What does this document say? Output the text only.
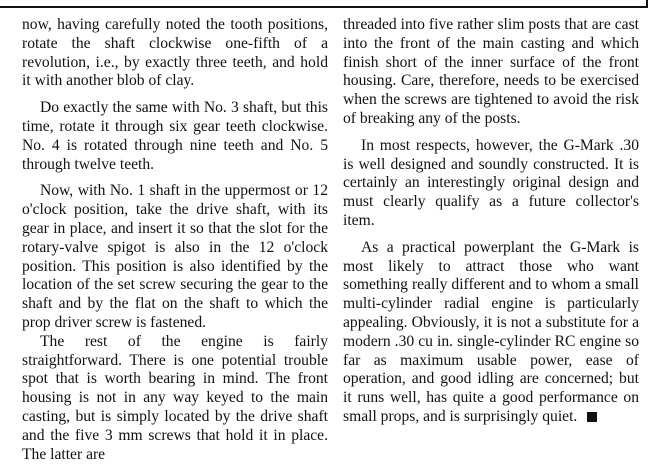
now, having carefully noted the tooth positions, rotate the shaft clockwise one-fifth of a revolution, i.e., by exactly three teeth, and hold it with another blob of clay.

Do exactly the same with No. 3 shaft, but this time, rotate it through six gear teeth clockwise. No. 4 is rotated through nine teeth and No. 5 through twelve teeth.

Now, with No. 1 shaft in the uppermost or 12 o'clock position, take the drive shaft, with its gear in place, and insert it so that the slot for the rotary-valve spigot is also in the 12 o'clock position. This position is also identified by the location of the set screw securing the gear to the shaft and by the flat on the shaft to which the prop driver screw is fastened.

The rest of the engine is fairly straightforward. There is one potential trouble spot that is worth bearing in mind. The front housing is not in any way keyed to the main casting, but is simply located by the drive shaft and the five 3 mm screws that hold it in place. The latter are

threaded into five rather slim posts that are cast into the front of the main casting and which finish short of the inner surface of the front housing. Care, therefore, needs to be exercised when the screws are tightened to avoid the risk of breaking any of the posts.

In most respects, however, the G-Mark .30 is well designed and soundly constructed. It is certainly an interestingly original design and must clearly qualify as a future collector's item.

As a practical powerplant the G-Mark is most likely to attract those who want something really different and to whom a small multi-cylinder radial engine is particularly appealing. Obviously, it is not a substitute for a modern .30 cu in. single-cylinder RC engine so far as maximum usable power, ease of operation, and good idling are concerned; but it runs well, has quite a good performance on small props, and is surprisingly quiet.
